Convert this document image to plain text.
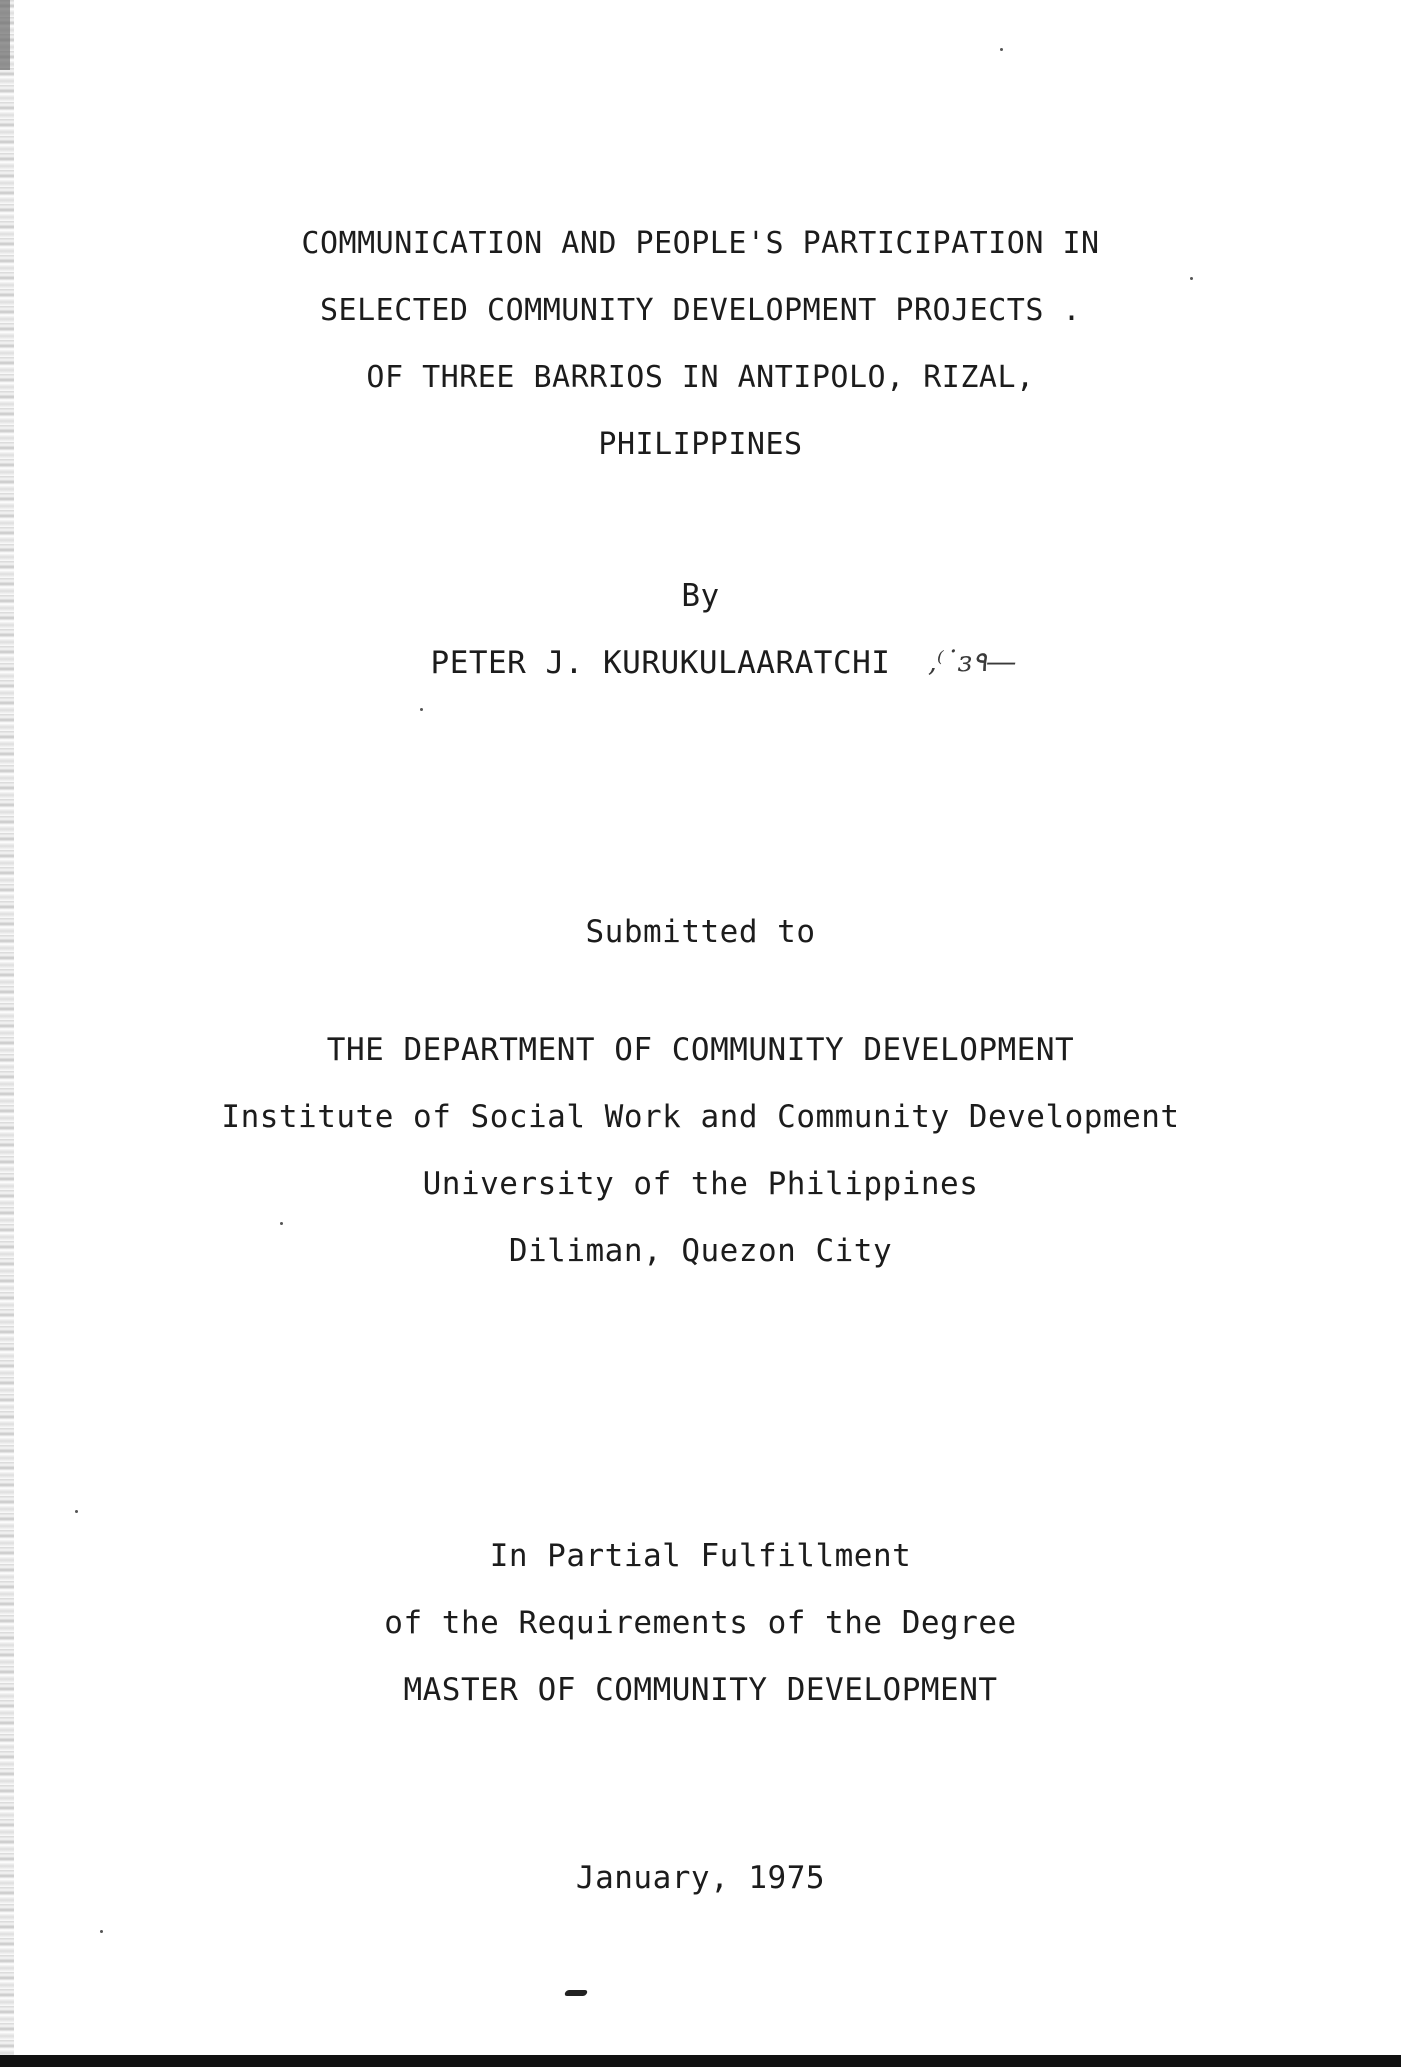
COMMUNICATION AND PEOPLE'S PARTICIPATION IN
SELECTED COMMUNITY DEVELOPMENT PROJECTS .
OF THREE BARRIOS IN ANTIPOLO, RIZAL,
PHILIPPINES
By
PETER J. KURUKULAARATCHI	,⁽˙ɜ٩―
Submitted to
THE DEPARTMENT OF COMMUNITY DEVELOPMENT
Institute of Social Work and Community Development
University of the Philippines
Diliman, Quezon City
In Partial Fulfillment
of the Requirements of the Degree
MASTER OF COMMUNITY DEVELOPMENT
January, 1975
